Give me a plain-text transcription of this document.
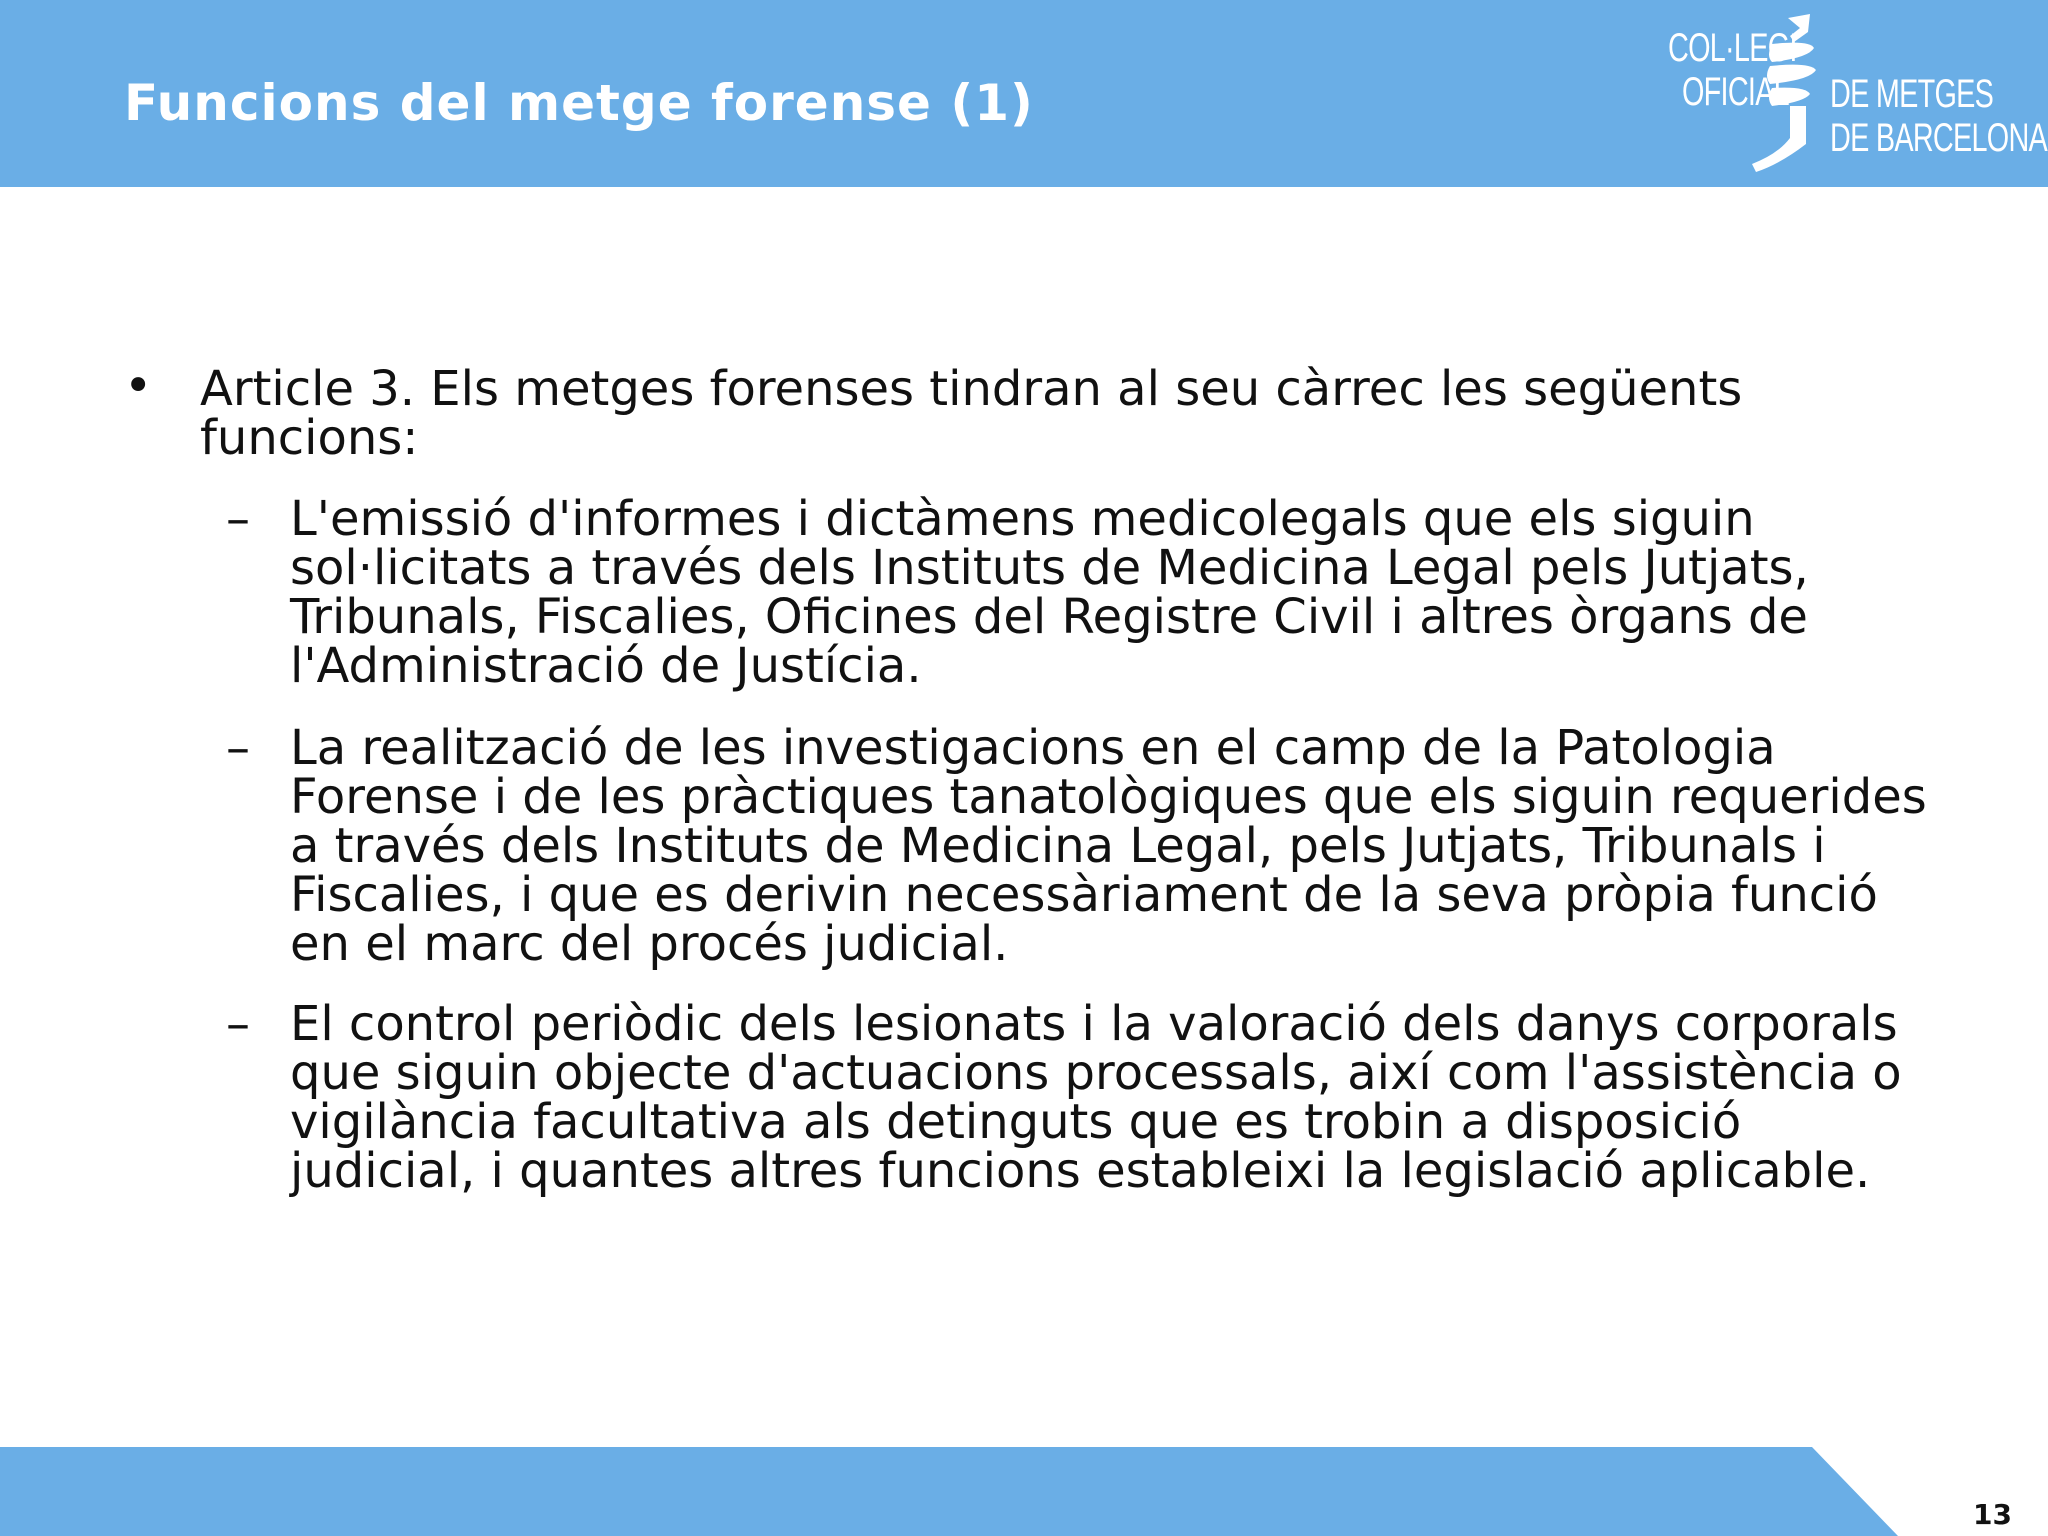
Funcions del metge forense (1)
COL·LEGI
OFICIAL DE METGES
DE BARCELONA
• Article 3. Els metges forenses tindran al seu càrrec les següents funcions:
– L'emissió d'informes i dictàmens medicolegals que els siguin sol·licitats a través dels Instituts de Medicina Legal pels Jutjats, Tribunals, Fiscalies, Oficines del Registre Civil i altres òrgans de l'Administració de Justícia.
– La realització de les investigacions en el camp de la Patologia Forense i de les pràctiques tanatològiques que els siguin requerides a través dels Instituts de Medicina Legal, pels Jutjats, Tribunals i Fiscalies, i que es derivin necessàriament de la seva pròpia funció en el marc del procés judicial.
– El control periòdic dels lesionats i la valoració dels danys corporals que siguin objecte d'actuacions processals, així com l'assistència o vigilància facultativa als detinguts que es trobin a disposició judicial, i quantes altres funcions estableixi la legislació aplicable.
13
